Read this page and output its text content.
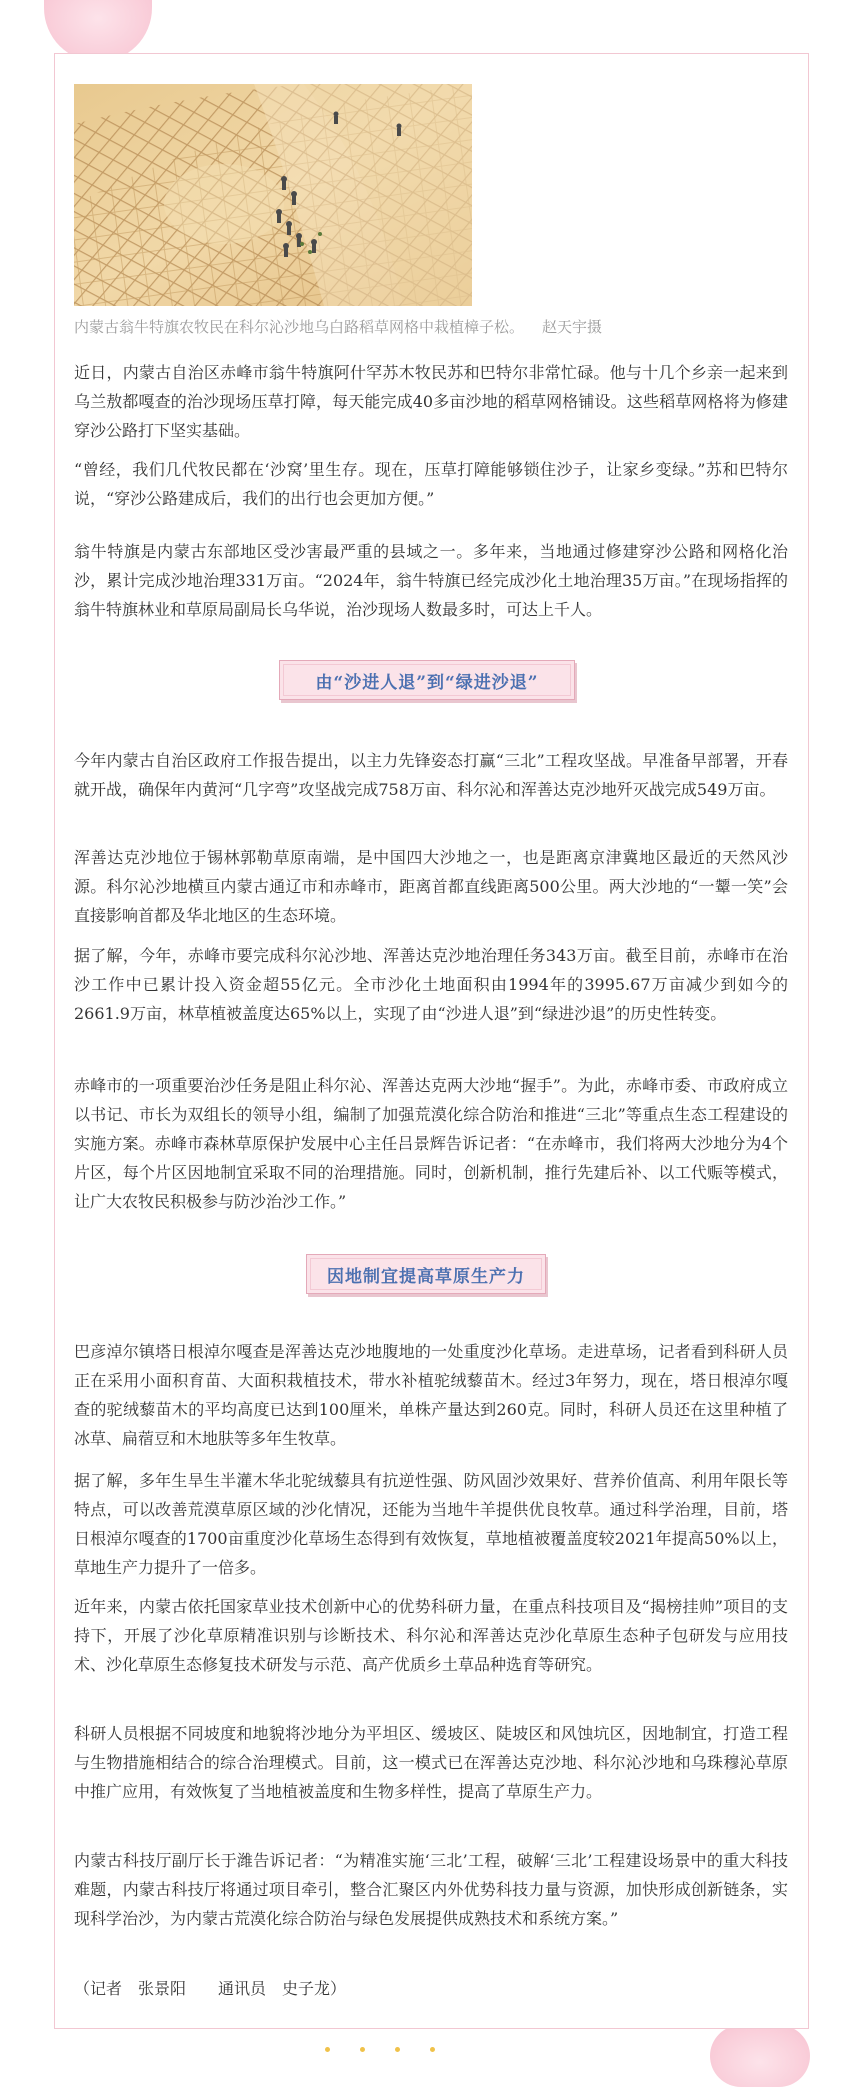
内蒙古翁牛特旗农牧民在科尔沁沙地乌白路稻草网格中栽植樟子松。 赵天宇摄

近日，内蒙古自治区赤峰市翁牛特旗阿什罕苏木牧民苏和巴特尔非常忙碌。他与十几个乡亲一起来到乌兰敖都嘎查的治沙现场压草打障，每天能完成40多亩沙地的稻草网格铺设。这些稻草网格将为修建穿沙公路打下坚实基础。

“曾经，我们几代牧民都在‘沙窝’里生存。现在，压草打障能够锁住沙子，让家乡变绿。”苏和巴特尔说，“穿沙公路建成后，我们的出行也会更加方便。”

翁牛特旗是内蒙古东部地区受沙害最严重的县域之一。多年来，当地通过修建穿沙公路和网格化治沙，累计完成沙地治理331万亩。“2024年，翁牛特旗已经完成沙化土地治理35万亩。”在现场指挥的翁牛特旗林业和草原局副局长乌华说，治沙现场人数最多时，可达上千人。

由“沙进人退”到“绿进沙退”

今年内蒙古自治区政府工作报告提出，以主力先锋姿态打赢“三北”工程攻坚战。早准备早部署，开春就开战，确保年内黄河“几字弯”攻坚战完成758万亩、科尔沁和浑善达克沙地歼灭战完成549万亩。

浑善达克沙地位于锡林郭勒草原南端，是中国四大沙地之一，也是距离京津冀地区最近的天然风沙源。科尔沁沙地横亘内蒙古通辽市和赤峰市，距离首都直线距离500公里。两大沙地的“一颦一笑”会直接影响首都及华北地区的生态环境。

据了解，今年，赤峰市要完成科尔沁沙地、浑善达克沙地治理任务343万亩。截至目前，赤峰市在治沙工作中已累计投入资金超55亿元。全市沙化土地面积由1994年的3995.67万亩减少到如今的2661.9万亩，林草植被盖度达65%以上，实现了由“沙进人退”到“绿进沙退”的历史性转变。

赤峰市的一项重要治沙任务是阻止科尔沁、浑善达克两大沙地“握手”。为此，赤峰市委、市政府成立以书记、市长为双组长的领导小组，编制了加强荒漠化综合防治和推进“三北”等重点生态工程建设的实施方案。赤峰市森林草原保护发展中心主任吕景辉告诉记者：“在赤峰市，我们将两大沙地分为4个片区，每个片区因地制宜采取不同的治理措施。同时，创新机制，推行先建后补、以工代赈等模式，让广大农牧民积极参与防沙治沙工作。”

因地制宜提高草原生产力

巴彦淖尔镇塔日根淖尔嘎查是浑善达克沙地腹地的一处重度沙化草场。走进草场，记者看到科研人员正在采用小面积育苗、大面积栽植技术，带水补植驼绒藜苗木。经过3年努力，现在，塔日根淖尔嘎查的驼绒藜苗木的平均高度已达到100厘米，单株产量达到260克。同时，科研人员还在这里种植了冰草、扁蓿豆和木地肤等多年生牧草。

据了解，多年生旱生半灌木华北驼绒藜具有抗逆性强、防风固沙效果好、营养价值高、利用年限长等特点，可以改善荒漠草原区域的沙化情况，还能为当地牛羊提供优良牧草。通过科学治理，目前，塔日根淖尔嘎查的1700亩重度沙化草场生态得到有效恢复，草地植被覆盖度较2021年提高50%以上，草地生产力提升了一倍多。

近年来，内蒙古依托国家草业技术创新中心的优势科研力量，在重点科技项目及“揭榜挂帅”项目的支持下，开展了沙化草原精准识别与诊断技术、科尔沁和浑善达克沙化草原生态种子包研发与应用技术、沙化草原生态修复技术研发与示范、高产优质乡土草品种选育等研究。

科研人员根据不同坡度和地貌将沙地分为平坦区、缓坡区、陡坡区和风蚀坑区，因地制宜，打造工程与生物措施相结合的综合治理模式。目前，这一模式已在浑善达克沙地、科尔沁沙地和乌珠穆沁草原中推广应用，有效恢复了当地植被盖度和生物多样性，提高了草原生产力。

内蒙古科技厅副厅长于潍告诉记者：“为精准实施‘三北’工程，破解‘三北’工程建设场景中的重大科技难题，内蒙古科技厅将通过项目牵引，整合汇聚区内外优势科技力量与资源，加快形成创新链条，实现科学治沙，为内蒙古荒漠化综合防治与绿色发展提供成熟技术和系统方案。”

（记者　张景阳　　通讯员　史子龙）
